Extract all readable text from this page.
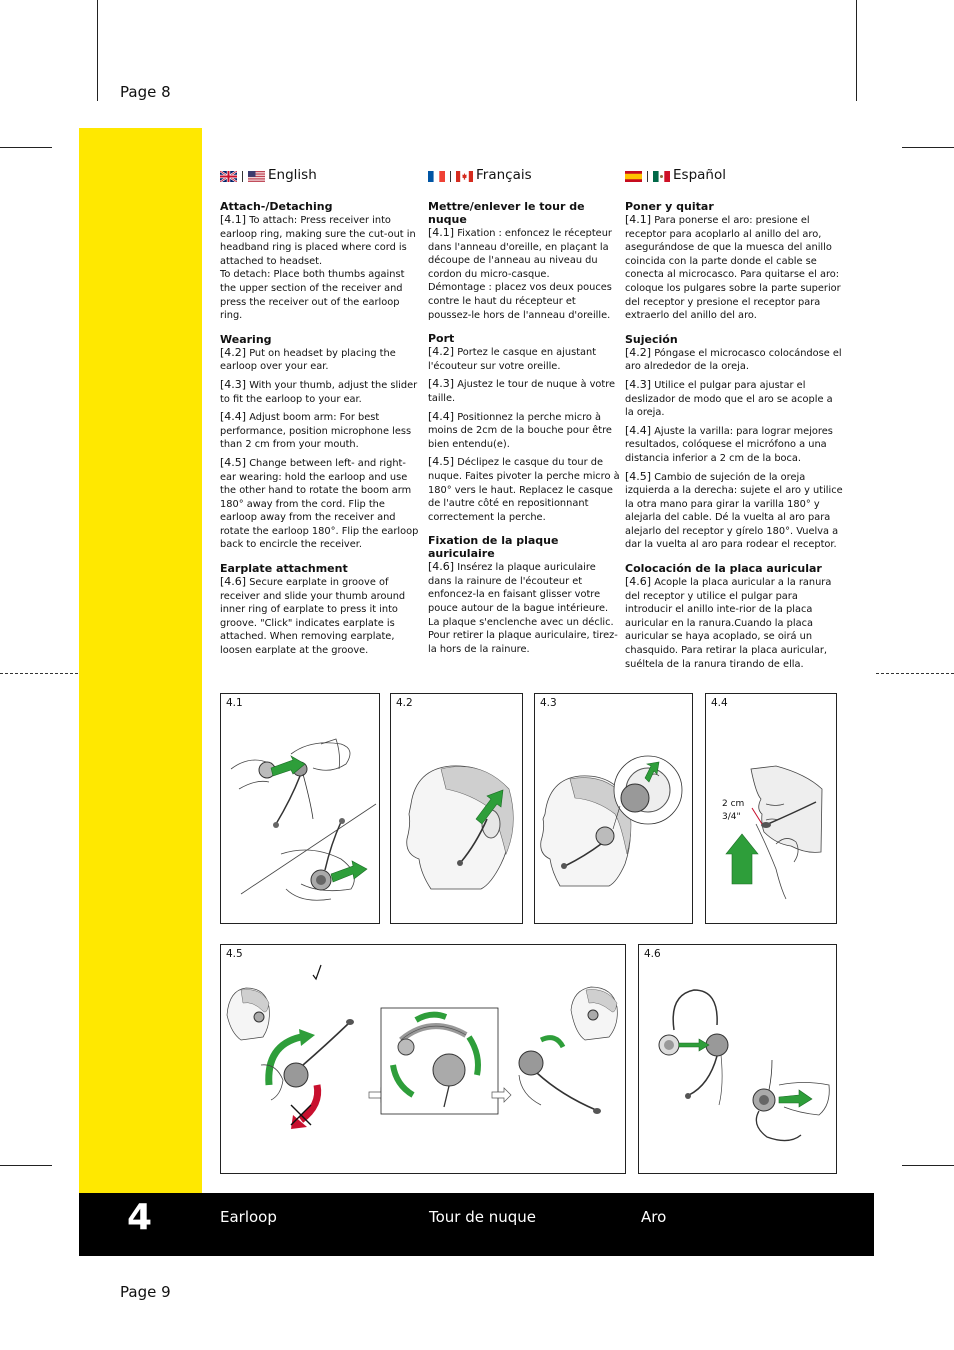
Page 8
Page 9
English
Attach-/Detaching

[4.1] To attach: Press receiver into earloop ring, making sure the cut-out in headband ring is placed where cord is attached to headset.
To detach: Place both thumbs against the upper section of the receiver and press the receiver out of the earloop ring.

Wearing

[4.2] Put on headset by placing the earloop over your ear.

[4.3] With your thumb, adjust the slider to fit the earloop to your ear.

[4.4] Adjust boom arm: For best performance, position microphone less than 2 cm from your mouth.

[4.5] Change between left- and right-ear wearing: hold the earloop and use the other hand to rotate the boom arm 180° away from the cord. Flip the earloop away from the receiver and rotate the earloop 180°. Flip the earloop back to encircle the receiver.

Earplate attachment

[4.6] Secure earplate in groove of receiver and slide your thumb around inner ring of earplate to press it into groove. "Click" indicates earplate is attached. When removing earplate, loosen earplate at the groove.

Français
Mettre/enlever le tour de nuque

[4.1] Fixation : enfoncez le récepteur dans l'anneau d'oreille, en plaçant la découpe de l'anneau au niveau du cordon du micro-casque.
Démontage : placez vos deux pouces contre le haut du récepteur et poussez-le hors de l'anneau d'oreille.

Port

[4.2] Portez le casque en ajustant l'écouteur sur votre oreille.

[4.3] Ajustez le tour de nuque à votre taille.

[4.4] Positionnez la perche micro à moins de 2cm de la bouche pour être bien entendu(e).

[4.5] Déclipez le casque du tour de nuque. Faites pivoter la perche micro à 180° vers le haut. Replacez le casque de l'autre côté en repositionnant correctement la perche.

Fixation de la plaque auriculaire

[4.6] Insérez la plaque auriculaire dans la rainure de l'écouteur et enfoncez-la en faisant glisser votre pouce autour de la bague intérieure. La plaque s'enclenche avec un déclic. Pour retirer la plaque auriculaire, tirez-la hors de la rainure.

Español
Poner y quitar

[4.1] Para ponerse el aro: presione el receptor para acoplarlo al anillo del aro, asegurándose de que la muesca del anillo coincida con la parte donde el cable se conecta al microcasco. Para quitarse el aro: coloque los pulgares sobre la parte superior del receptor y presione el receptor para extraerlo del anillo del aro.

Sujeción

[4.2] Póngase el microcasco colocándose el aro alrededor de la oreja.

[4.3] Utilice el pulgar para ajustar el deslizador de modo que el aro se acople a la oreja.

[4.4] Ajuste la varilla: para lograr mejores resultados, colóquese el micrófono a una distancia inferior a 2 cm de la boca.

[4.5] Cambio de sujeción de la oreja izquierda a la derecha: sujete el aro y utilice la otra mano para girar la varilla 180° y alejarla del cable. Dé la vuelta al aro para alejarlo del receptor y gírelo 180°. Vuelva a dar la vuelta al aro para rodear el receptor.

Colocación de la placa auricular

[4.6] Acople la placa auricular a la ranura del receptor y utilice el pulgar para introducir el anillo inte-rior de la placa auricular en la ranura.Cuando la placa auricular se haya acoplado, se oirá un chasquido. Para retirar la placa auricular, suéltela de la ranura tirando de ella.

4.1	4.2	4.3	4.4
2 cm
3/4"
4.5	4.6
4	Earloop	Tour de nuque	Aro
